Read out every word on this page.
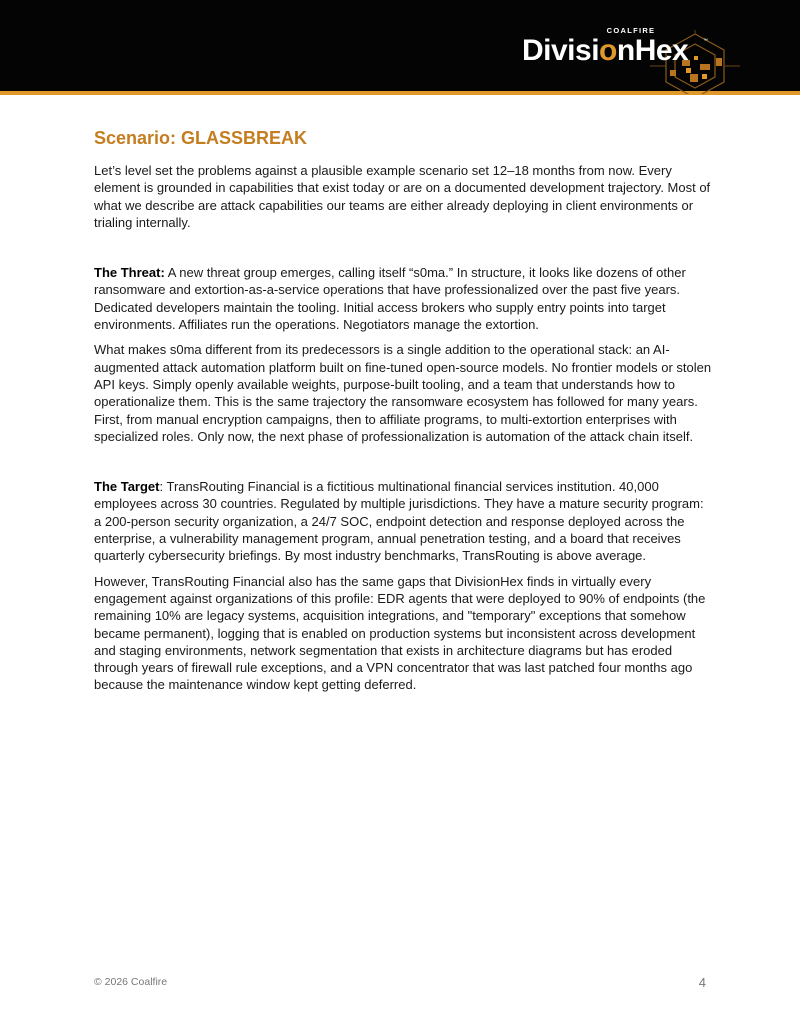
COALFIRE
DivisionHex	™
Scenario: GLASSBREAK

Let’s level set the problems against a plausible example scenario set 12–18 months from now. Every element is grounded in capabilities that exist today or are on a documented development trajectory. Most of what we describe are attack capabilities our teams are either already deploying in client environments or trialing internally.

The Threat: A new threat group emerges, calling itself “s0ma.” In structure, it looks like dozens of other ransomware and extortion-as-a-service operations that have professionalized over the past five years. Dedicated developers maintain the tooling. Initial access brokers who supply entry points into target environments. Affiliates run the operations. Negotiators manage the extortion.

What makes s0ma different from its predecessors is a single addition to the operational stack: an AI-augmented attack automation platform built on fine-tuned open-source models. No frontier models or stolen API keys. Simply openly available weights, purpose-built tooling, and a team that understands how to operationalize them. This is the same trajectory the ransomware ecosystem has followed for many years. First, from manual encryption campaigns, then to affiliate programs, to multi-extortion enterprises with specialized roles. Only now, the next phase of professionalization is automation of the attack chain itself.

The Target: TransRouting Financial is a fictitious multinational financial services institution. 40,000 employees across 30 countries. Regulated by multiple jurisdictions. They have a mature security program: a 200-person security organization, a 24/7 SOC, endpoint detection and response deployed across the enterprise, a vulnerability management program, annual penetration testing, and a board that receives quarterly cybersecurity briefings. By most industry benchmarks, TransRouting is above average.

However, TransRouting Financial also has the same gaps that DivisionHex finds in virtually every engagement against organizations of this profile: EDR agents that were deployed to 90% of endpoints (the remaining 10% are legacy systems, acquisition integrations, and "temporary" exceptions that somehow became permanent), logging that is enabled on production systems but inconsistent across development and staging environments, network segmentation that exists in architecture diagrams but has eroded through years of firewall rule exceptions, and a VPN concentrator that was last patched four months ago because the maintenance window kept getting deferred.

© 2026 Coalfire	4
